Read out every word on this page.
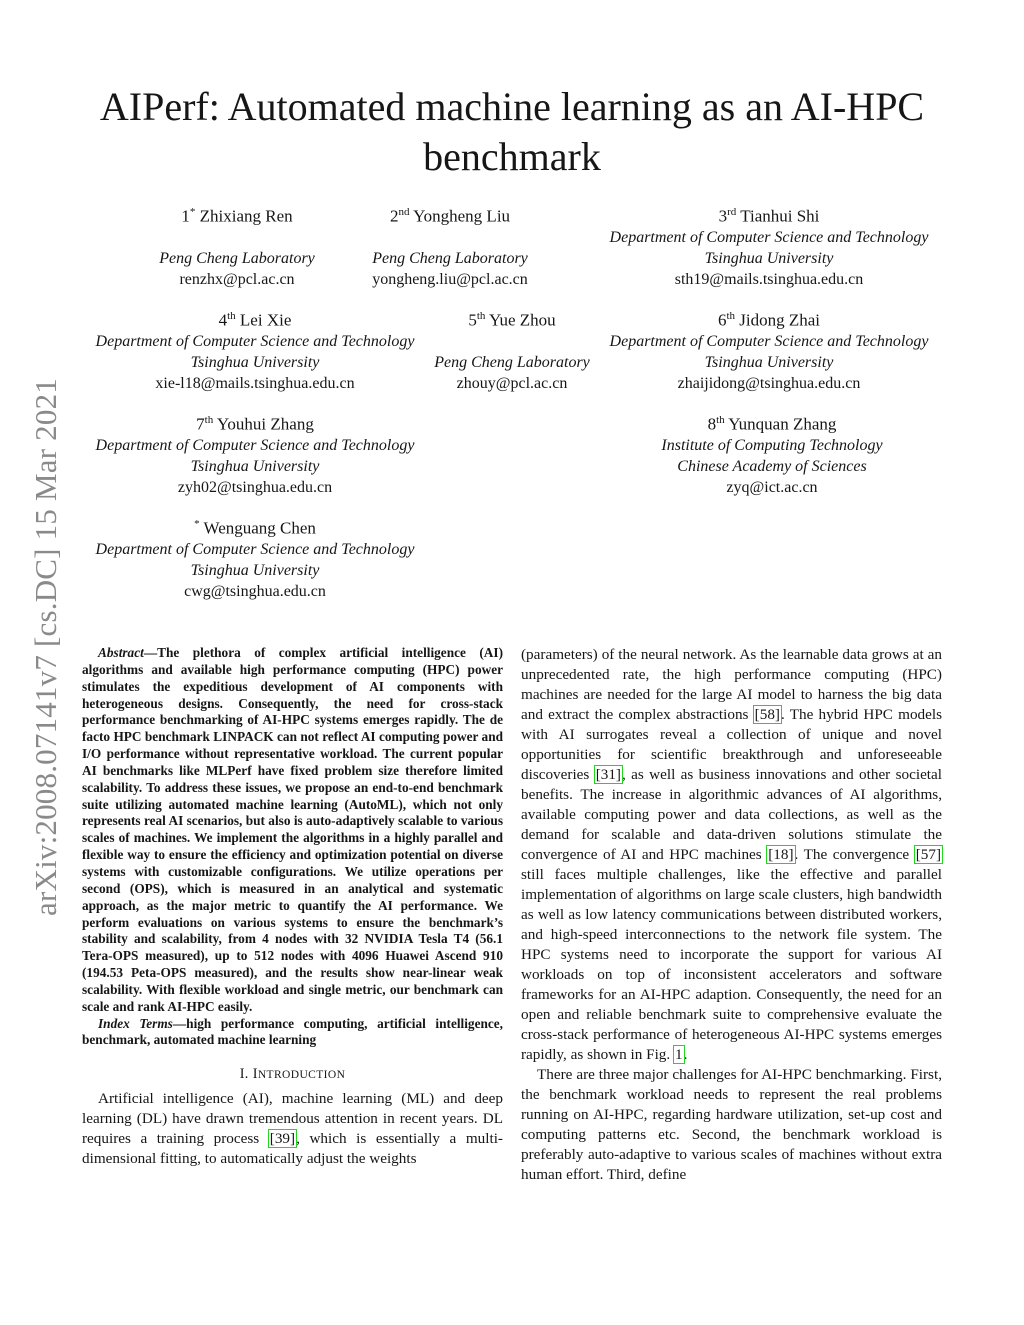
arXiv:2008.07141v7 [cs.DC] 15 Mar 2021
AIPerf: Automated machine learning as an AI-HPC benchmark
1* Zhixiang Ren
Peng Cheng Laboratory
renzhx@pcl.ac.cn
2nd Yongheng Liu
Peng Cheng Laboratory
yongheng.liu@pcl.ac.cn
3rd Tianhui Shi
Department of Computer Science and Technology
Tsinghua University
sth19@mails.tsinghua.edu.cn
4th Lei Xie
Department of Computer Science and Technology
Tsinghua University
xie-l18@mails.tsinghua.edu.cn
5th Yue Zhou
Peng Cheng Laboratory
zhouy@pcl.ac.cn
6th Jidong Zhai
Department of Computer Science and Technology
Tsinghua University
zhaijidong@tsinghua.edu.cn
7th Youhui Zhang
Department of Computer Science and Technology
Tsinghua University
zyh02@tsinghua.edu.cn
8th Yunquan Zhang
Institute of Computing Technology
Chinese Academy of Sciences
zyq@ict.ac.cn
* Wenguang Chen
Department of Computer Science and Technology
Tsinghua University
cwg@tsinghua.edu.cn

Abstract—The plethora of complex artificial intelligence (AI) algorithms and available high performance computing (HPC) power stimulates the expeditious development of AI components with heterogeneous designs. Consequently, the need for cross-stack performance benchmarking of AI-HPC systems emerges rapidly. The de facto HPC benchmark LINPACK can not reflect AI computing power and I/O performance without representative workload. The current popular AI benchmarks like MLPerf have fixed problem size therefore limited scalability. To address these issues, we propose an end-to-end benchmark suite utilizing automated machine learning (AutoML), which not only represents real AI scenarios, but also is auto-adaptively scalable to various scales of machines. We implement the algorithms in a highly parallel and flexible way to ensure the efficiency and optimization potential on diverse systems with customizable configurations. We utilize operations per second (OPS), which is measured in an analytical and systematic approach, as the major metric to quantify the AI performance. We perform evaluations on various systems to ensure the benchmark’s stability and scalability, from 4 nodes with 32 NVIDIA Tesla T4 (56.1 Tera-OPS measured), up to 512 nodes with 4096 Huawei Ascend 910 (194.53 Peta-OPS measured), and the results show near-linear weak scalability. With flexible workload and single metric, our benchmark can scale and rank AI-HPC easily.

Index Terms—high performance computing, artificial intelligence, benchmark, automated machine learning

I. INTRODUCTION

Artificial intelligence (AI), machine learning (ML) and deep learning (DL) have drawn tremendous attention in recent years. DL requires a training process [39], which is essentially a multi-dimensional fitting, to automatically adjust the weights

(parameters) of the neural network. As the learnable data grows at an unprecedented rate, the high performance computing (HPC) machines are needed for the large AI model to harness the big data and extract the complex abstractions [58]. The hybrid HPC models with AI surrogates reveal a collection of unique and novel opportunities for scientific breakthrough and unforeseeable discoveries [31], as well as business innovations and other societal benefits. The increase in algorithmic advances of AI algorithms, available computing power and data collections, as well as the demand for scalable and data-driven solutions stimulate the convergence of AI and HPC machines [18]. The convergence [57] still faces multiple challenges, like the effective and parallel implementation of algorithms on large scale clusters, high bandwidth as well as low latency communications between distributed workers, and high-speed interconnections to the network file system. The HPC systems need to incorporate the support for various AI workloads on top of inconsistent accelerators and software frameworks for an AI-HPC adaption. Consequently, the need for an open and reliable benchmark suite to comprehensive evaluate the cross-stack performance of heterogeneous AI-HPC systems emerges rapidly, as shown in Fig. 1.

There are three major challenges for AI-HPC benchmarking. First, the benchmark workload needs to represent the real problems running on AI-HPC, regarding hardware utilization, set-up cost and computing patterns etc. Second, the benchmark workload is preferably auto-adaptive to various scales of machines without extra human effort. Third, define
